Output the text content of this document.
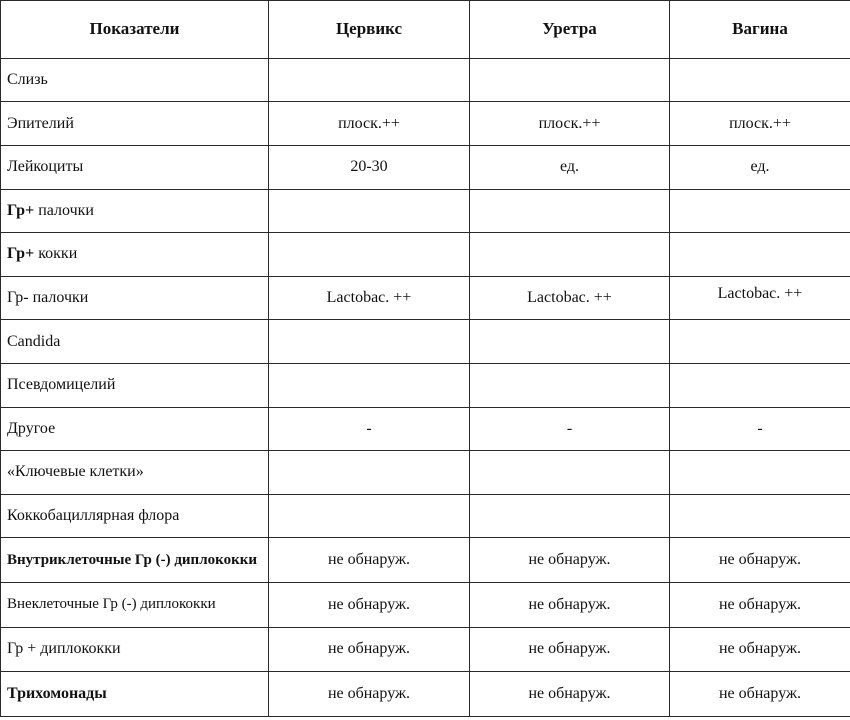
Показатели	Цервикс	Уретра	Вагина
Слизь			
Эпителий	плоск.++	плоск.++	плоск.++
Лейкоциты	20-30	ед.	ед.
Гр+ палочки			
Гр+ кокки			
Гр- палочки	Lactobac. ++	Lactobac. ++	Lactobac. ++
Candida			
Псевдомицелий			
Другое	-	-	-
«Ключевые клетки»			
Коккобациллярная флора			
Внутриклеточные Гр (-) диплококки	не обнаруж.	не обнаруж.	не обнаруж.
Внеклеточные Гр (-) диплококки	не обнаруж.	не обнаруж.	не обнаруж.
Гр + диплококки	не обнаруж.	не обнаруж.	не обнаруж.
Трихомонады	не обнаруж.	не обнаруж.	не обнаруж.
